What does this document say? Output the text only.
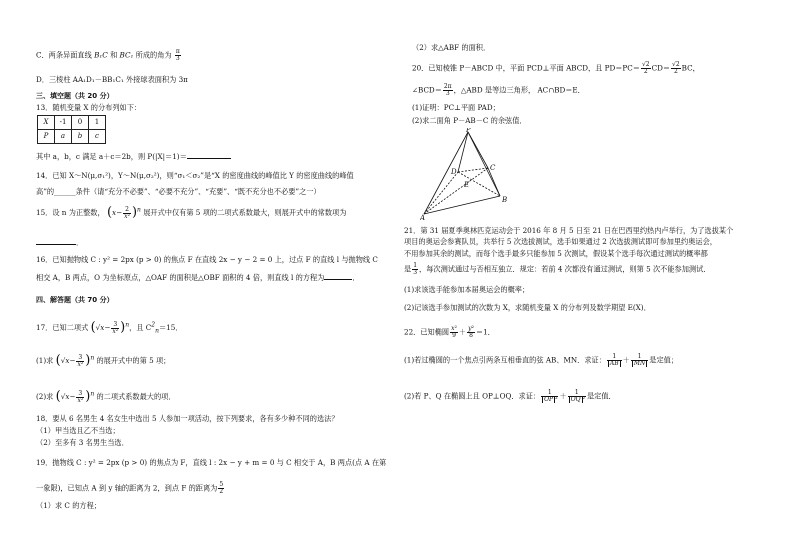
C．两条异面直线 B₁C 和 BC₁ 所成的角为 $\frac{\pi}{3}$
D．三棱柱 AA₁D₁－BB₁C₁ 外接球表面积为 3π
三、填空题（共 20 分）
13．随机变量 X 的分布列如下：
X	-1	0	1
P	a	b	c
其中 a，b，c 满足 a＋c＝2b，则 P(|X|＝1)＝
14．已知 X～N(μ,σ₁²)，Y～N(μ,σ₂²)，则“σ₁＜σ₂”是“X 的密度曲线的峰值比 Y 的密度曲线的峰值
高”的______条件（请“充分不必要”、“必要不充分”、“充要”、“既不充分也不必要”之一）
15．设 n 为正整数， $(x- \frac{2}{\text{x²}} )^n$ 展开式中仅有第 5 项的二项式系数最大，则展开式中的常数项为
．
16．已知抛物线 C : y² = 2px (p > 0) 的焦点 F 在直线 2x − y − 2 = 0 上，过点 F 的直线 l 与抛物线 C
相交 A，B 两点，O 为坐标原点，△OAF 的面积是△OBF 面积的 4 倍，则直线 l 的方程为	．
四、解答题（共 70 分）
17．已知二项式 $(√x- \frac{3}{\text{x²}} )^n$，且 $C^2_n=15$．
(1)求 $(√x- \frac{3}{\text{x²}} )^n$ 的展开式中的第 5 项；
(2)求 $(√x- \frac{3}{\text{x²}} )^n$ 的二项式系数最大的项．
18．要从 6 名男生 4 名女生中选出 5 人参加一项活动，按下列要求，各有多少种不同的选法？
（1）甲当选且乙不当选；
（2）至多有 3 名男生当选．
19．抛物线 C : y² = 2px (p > 0) 的焦点为 F，直线 l : 2x − y + m = 0 与 C 相交于 A，B 两点(点 A 在第
一象限)，已知点 A 到 y 轴的距离为 2，到点 F 的距离为 $\frac{5}{2}$
（1）求 C 的方程；
（2）求△ABF 的面积．
20．已知棱锥 P－ABCD 中，平面 PCD⊥平面 ABCD，且 $PD=PC= \frac{√2}{2} CD= \frac{√2}{2}$ BC，
∠BCD＝ $\frac{2\pi}{3}$ ，△ABD 是等边三角形， AC∩BD＝E．
(1)证明：PC⊥平面 PAD；
(2)求二面角 P－AB－C 的余弦值．
P
A
B
C
D
E
21．第 31 届夏季奥林匹克运动会于 2016 年 8 月 5 日至 21 日在巴西里约热内卢举行，为了选拔某个
项目的奥运会参赛队员，共举行 5 次选拔测试，选手如果通过 2 次选拔测试即可参加里约奥运会，
不用参加其余的测试，而每个选手最多只能参加 5 次测试，假设某个选手每次通过测试的概率都
是 $\frac{1}{3}$ ，每次测试通过与否相互独立．规定：若前 4 次都没有通过测试，则第 5 次不能参加测试．
(1)求该选手能参加本届奥运会的概率；
(2)记该选手参加测试的次数为 X，求随机变量 X 的分布列及数学期望 E(X)．
22．已知椭圆 $\frac{\text{x²}}{9} + \frac{\text{y²}}{8} =1$．
(1)若过椭圆的一个焦点引两条互相垂直的弦 AB、MN．求证： $\frac{1}{AB} + \frac{1}{MN}$ 是定值；
(2)若 P、Q 在椭圆上且 OP⊥OQ．求证： $\frac{1}{\text{OP ²}} + \frac{1}{\text{OQ ²}}$ 是定值．
